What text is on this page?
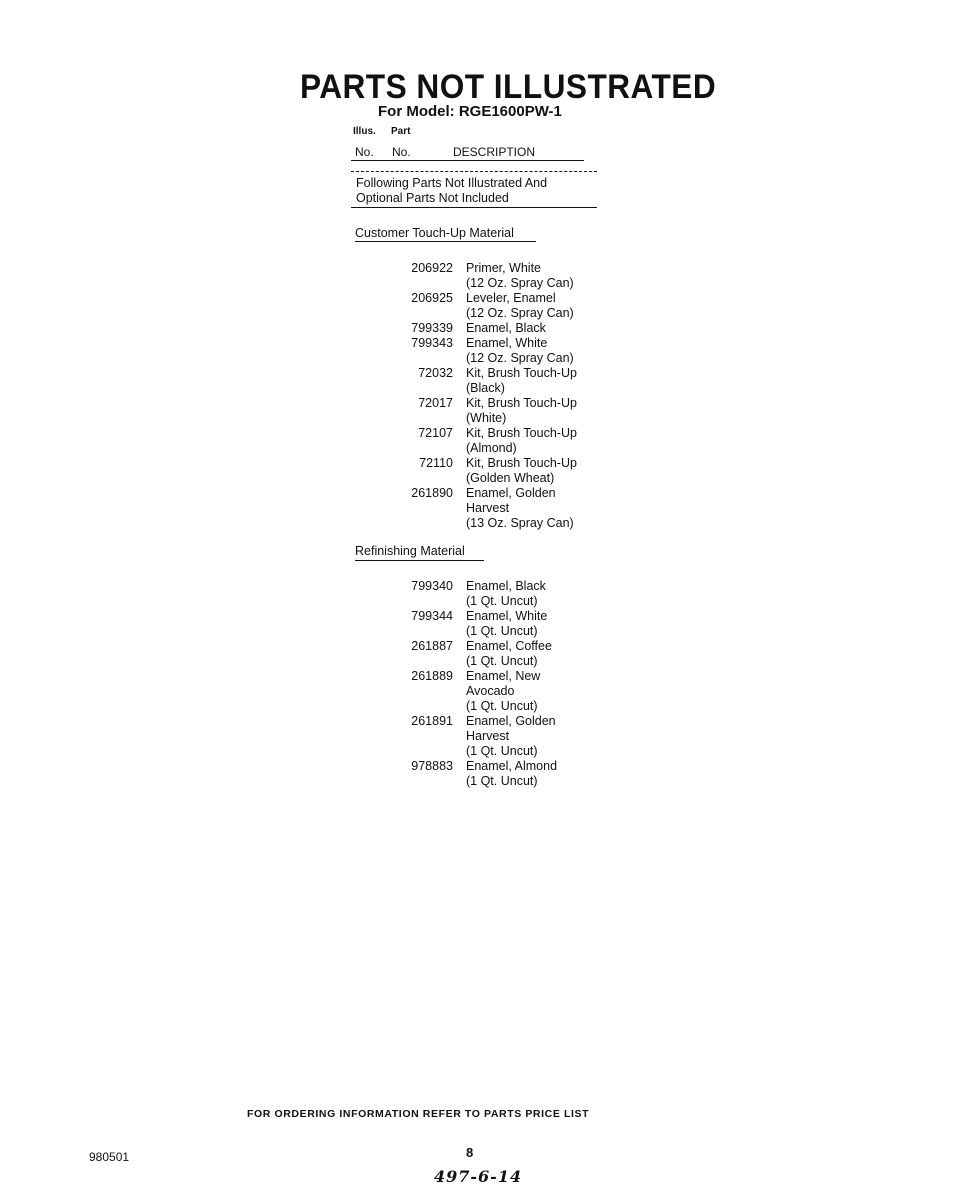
PARTS NOT ILLUSTRATED
For Model: RGE1600PW-1
Illus. Part
No. No.	DESCRIPTION
Following Parts Not Illustrated And
Optional Parts Not Included
Customer Touch-Up Material
206922 Primer, White
(12 Oz. Spray Can)
206925 Leveler, Enamel
(12 Oz. Spray Can)
799339 Enamel, Black
799343 Enamel, White
(12 Oz. Spray Can)
72032 Kit, Brush Touch-Up
(Black)
72017 Kit, Brush Touch-Up
(White)
72107 Kit, Brush Touch-Up
(Almond)
72110 Kit, Brush Touch-Up
(Golden Wheat)
261890 Enamel, Golden
Harvest
(13 Oz. Spray Can)
Refinishing Material
799340 Enamel, Black
(1 Qt. Uncut)
799344 Enamel, White
(1 Qt. Uncut)
261887 Enamel, Coffee
(1 Qt. Uncut)
261889 Enamel, New
Avocado
(1 Qt. Uncut)
261891 Enamel, Golden
Harvest
(1 Qt. Uncut)
978883 Enamel, Almond
(1 Qt. Uncut)
FOR ORDERING INFORMATION REFER TO PARTS PRICE LIST
980501	8
497-6-14
